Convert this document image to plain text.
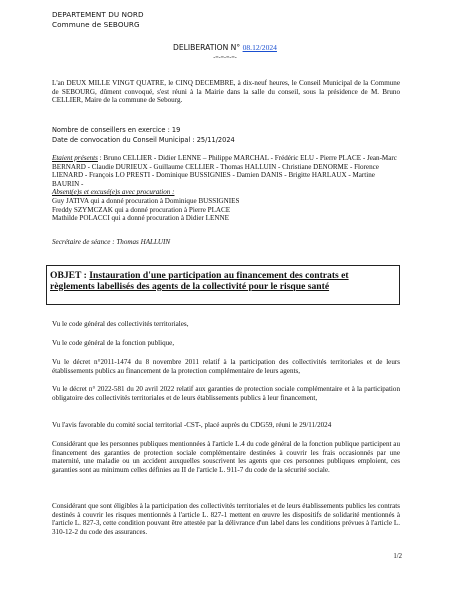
DEPARTEMENT DU NORD
Commune de SEBOURG
DELIBERATION N° 08.12/2024
-=-=-=-=-
L'an DEUX MILLE VINGT QUATRE, le CINQ DECEMBRE, à dix-neuf heures, le Conseil Municipal de la Commune de SEBOURG, dûment convoqué, s'est réuni à la Mairie dans la salle du conseil, sous la présidence de M. Bruno CELLIER, Maire de la commune de Sebourg.
Nombre de conseillers en exercice : 19
Date de convocation du Conseil Municipal : 25/11/2024
Etaient présents : Bruno CELLIER - Didier LENNE – Philippe MARCHAL - Frédéric ELU - Pierre PLACE - Jean-Marc BERNARD - Claudie DURIEUX - Guillaume CELLIER - Thomas HALLUIN - Christiane DENORME - Florence LIENARD - François LO PRESTI - Dominique BUSSIGNIES - Damien DANIS - Brigitte HARLAUX - Martine BAURIN -
Absent(e)s et excusé(e)s avec procuration :
Guy JATIVA qui a donné procuration à Dominique BUSSIGNIES
Freddy SZYMCZAK qui a donné procuration à Pierre PLACE
Mathilde POLACCI qui a donné procuration à Didier LENNE
Secrétaire de séance : Thomas HALLUIN
OBJET : Instauration d'une participation au financement des contrats et règlements labellisés des agents de la collectivité pour le risque santé
Vu le code général des collectivités territoriales,
Vu le code général de la fonction publique,
Vu le décret n°2011-1474 du 8 novembre 2011 relatif à la participation des collectivités territoriales et de leurs établissements publics au financement de la protection complémentaire de leurs agents,
Vu le décret n° 2022-581 du 20 avril 2022 relatif aux garanties de protection sociale complémentaire et à la participation obligatoire des collectivités territoriales et de leurs établissements publics à leur financement,
Vu l'avis favorable du comité social territorial -CST-, placé auprès du CDG59, réuni le 29/11/2024
Considérant que les personnes publiques mentionnées à l'article L.4 du code général de la fonction publique participent au financement des garanties de protection sociale complémentaire destinées à couvrir les frais occasionnés par une maternité, une maladie ou un accident auxquelles souscrivent les agents que ces personnes publiques emploient, ces garanties sont au minimum celles définies au II de l'article L. 911-7 du code de la sécurité sociale.
Considérant que sont éligibles à la participation des collectivités territoriales et de leurs établissements publics les contrats destinés à couvrir les risques mentionnés à l'article L. 827-1 mettent en œuvre les dispositifs de solidarité mentionnés à l'article L. 827-3, cette condition pouvant être attestée par la délivrance d'un label dans les conditions prévues à l'article L. 310-12-2 du code des assurances.
1/2
